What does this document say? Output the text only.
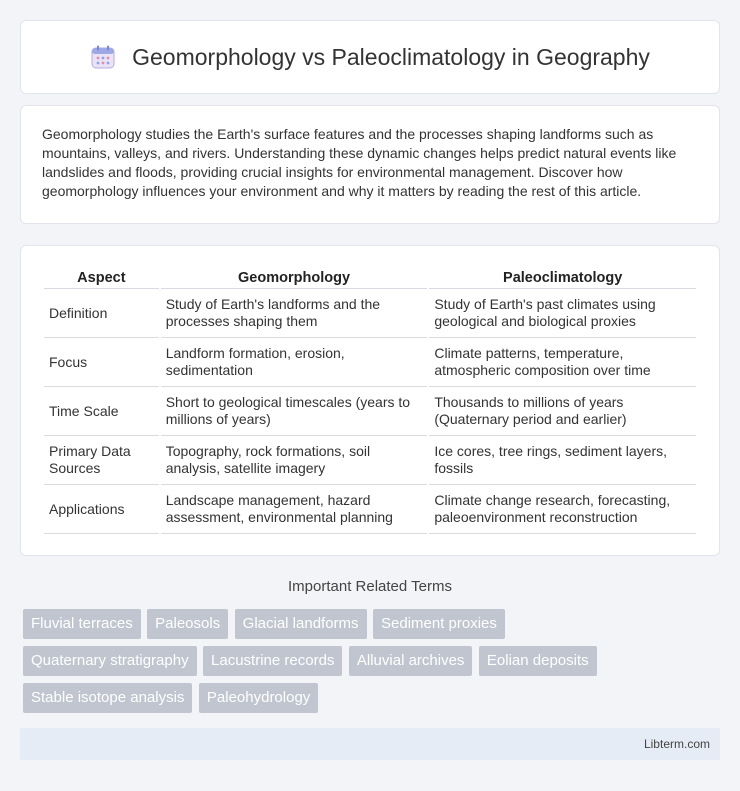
Geomorphology vs Paleoclimatology in Geography

Geomorphology studies the Earth's surface features and the processes shaping landforms such as mountains, valleys, and rivers. Understanding these dynamic changes helps predict natural events like landslides and floods, providing crucial insights for environmental management. Discover how geomorphology influences your environment and why it matters by reading the rest of this article.

Aspect	Geomorphology	Paleoclimatology
Definition	Study of Earth's landforms and the processes shaping them	Study of Earth's past climates using geological and biological proxies
Focus	Landform formation, erosion, sedimentation	Climate patterns, temperature, atmospheric composition over time
Time Scale	Short to geological timescales (years to millions of years)	Thousands to millions of years (Quaternary period and earlier)
Primary Data Sources	Topography, rock formations, soil analysis, satellite imagery	Ice cores, tree rings, sediment layers, fossils
Applications	Landscape management, hazard assessment, environmental planning	Climate change research, forecasting, paleoenvironment reconstruction
Important Related Terms
Fluvial terraces Paleosols Glacial landforms Sediment proxies
Quaternary stratigraphy Lacustrine records Alluvial archives Eolian deposits
Stable isotope analysis Paleohydrology
Libterm.com
